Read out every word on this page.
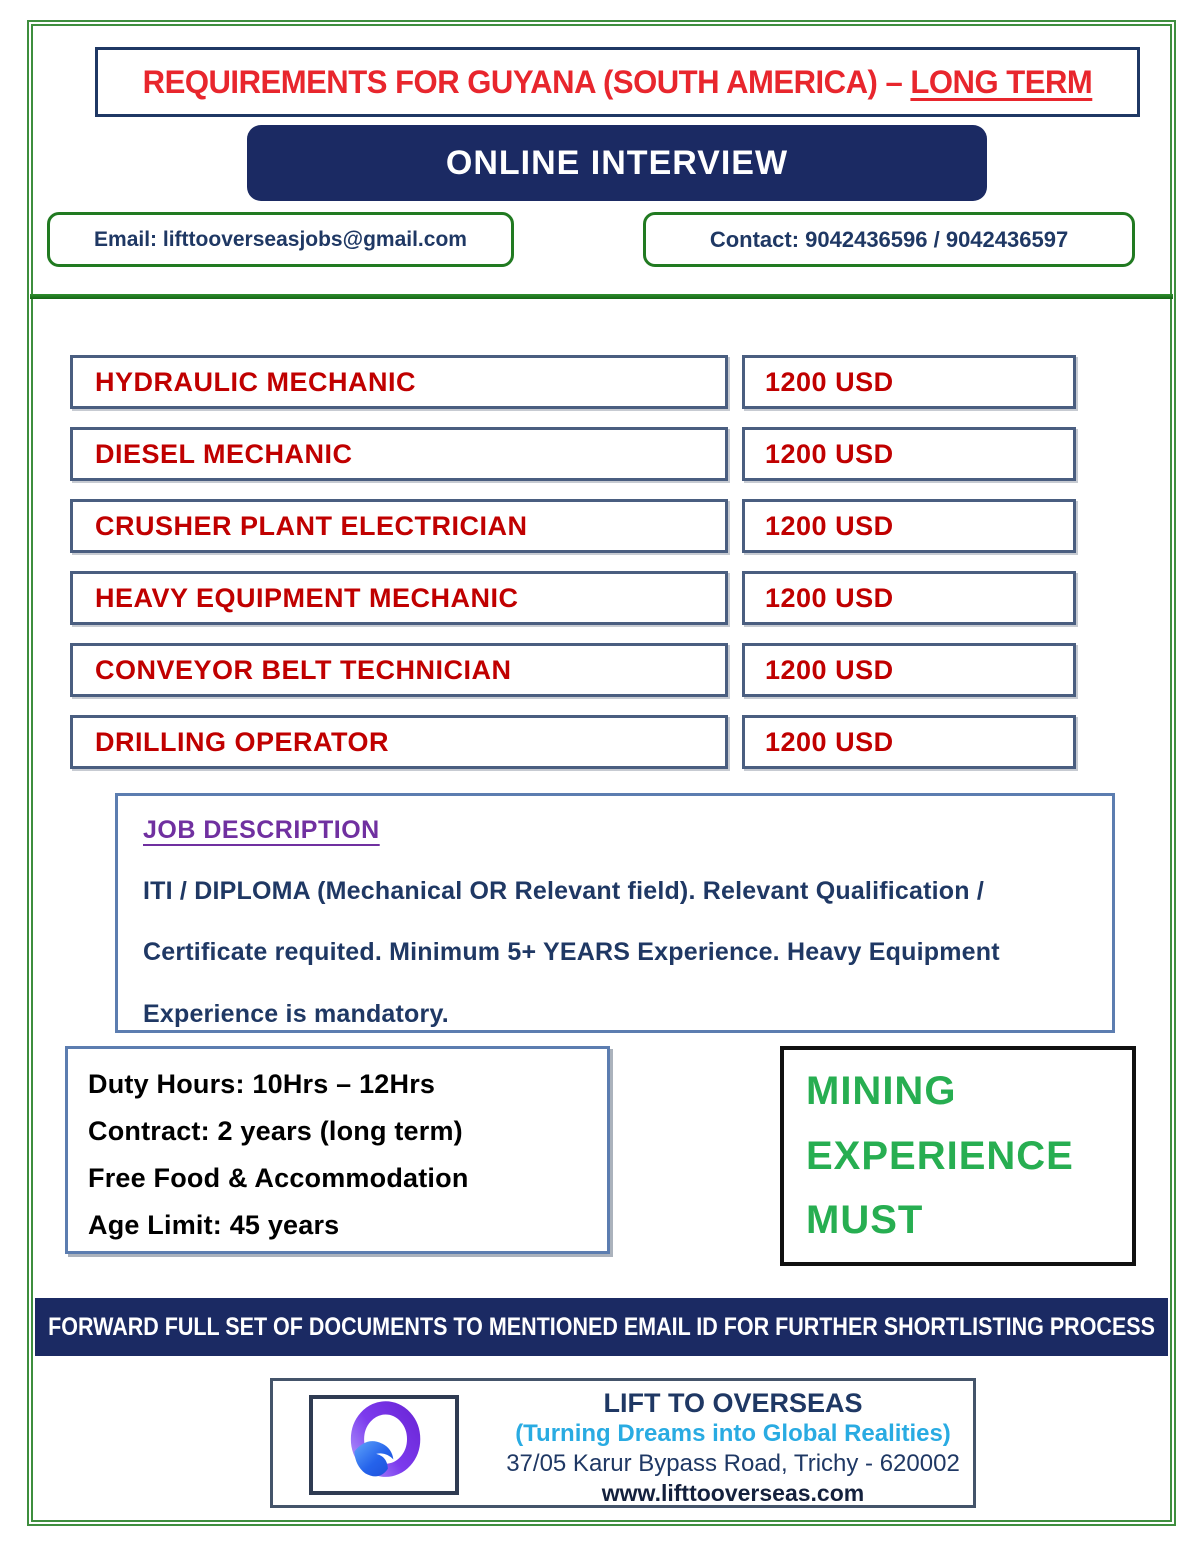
REQUIREMENTS FOR GUYANA (SOUTH AMERICA) – LONG TERM
ONLINE INTERVIEW
Email: lifttooverseasjobs@gmail.com	Contact: 9042436596 / 9042436597
HYDRAULIC MECHANIC	1200 USD
DIESEL MECHANIC	1200 USD
CRUSHER PLANT ELECTRICIAN	1200 USD
HEAVY EQUIPMENT MECHANIC	1200 USD
CONVEYOR BELT TECHNICIAN	1200 USD
DRILLING OPERATOR	1200 USD
JOB DESCRIPTION

ITI / DIPLOMA (Mechanical OR Relevant field). Relevant Qualification / Certificate requited. Minimum 5+ YEARS Experience. Heavy Equipment Experience is mandatory.

Duty Hours: 10Hrs – 12Hrs
Contract: 2 years (long term)
Free Food & Accommodation
Age Limit: 45 years
MINING
EXPERIENCE
MUST
FORWARD FULL SET OF DOCUMENTS TO MENTIONED EMAIL ID FOR FURTHER SHORTLISTING PROCESS
LIFT TO OVERSEAS
(Turning Dreams into Global Realities)
37/05 Karur Bypass Road, Trichy - 620002
www.lifttooverseas.com
